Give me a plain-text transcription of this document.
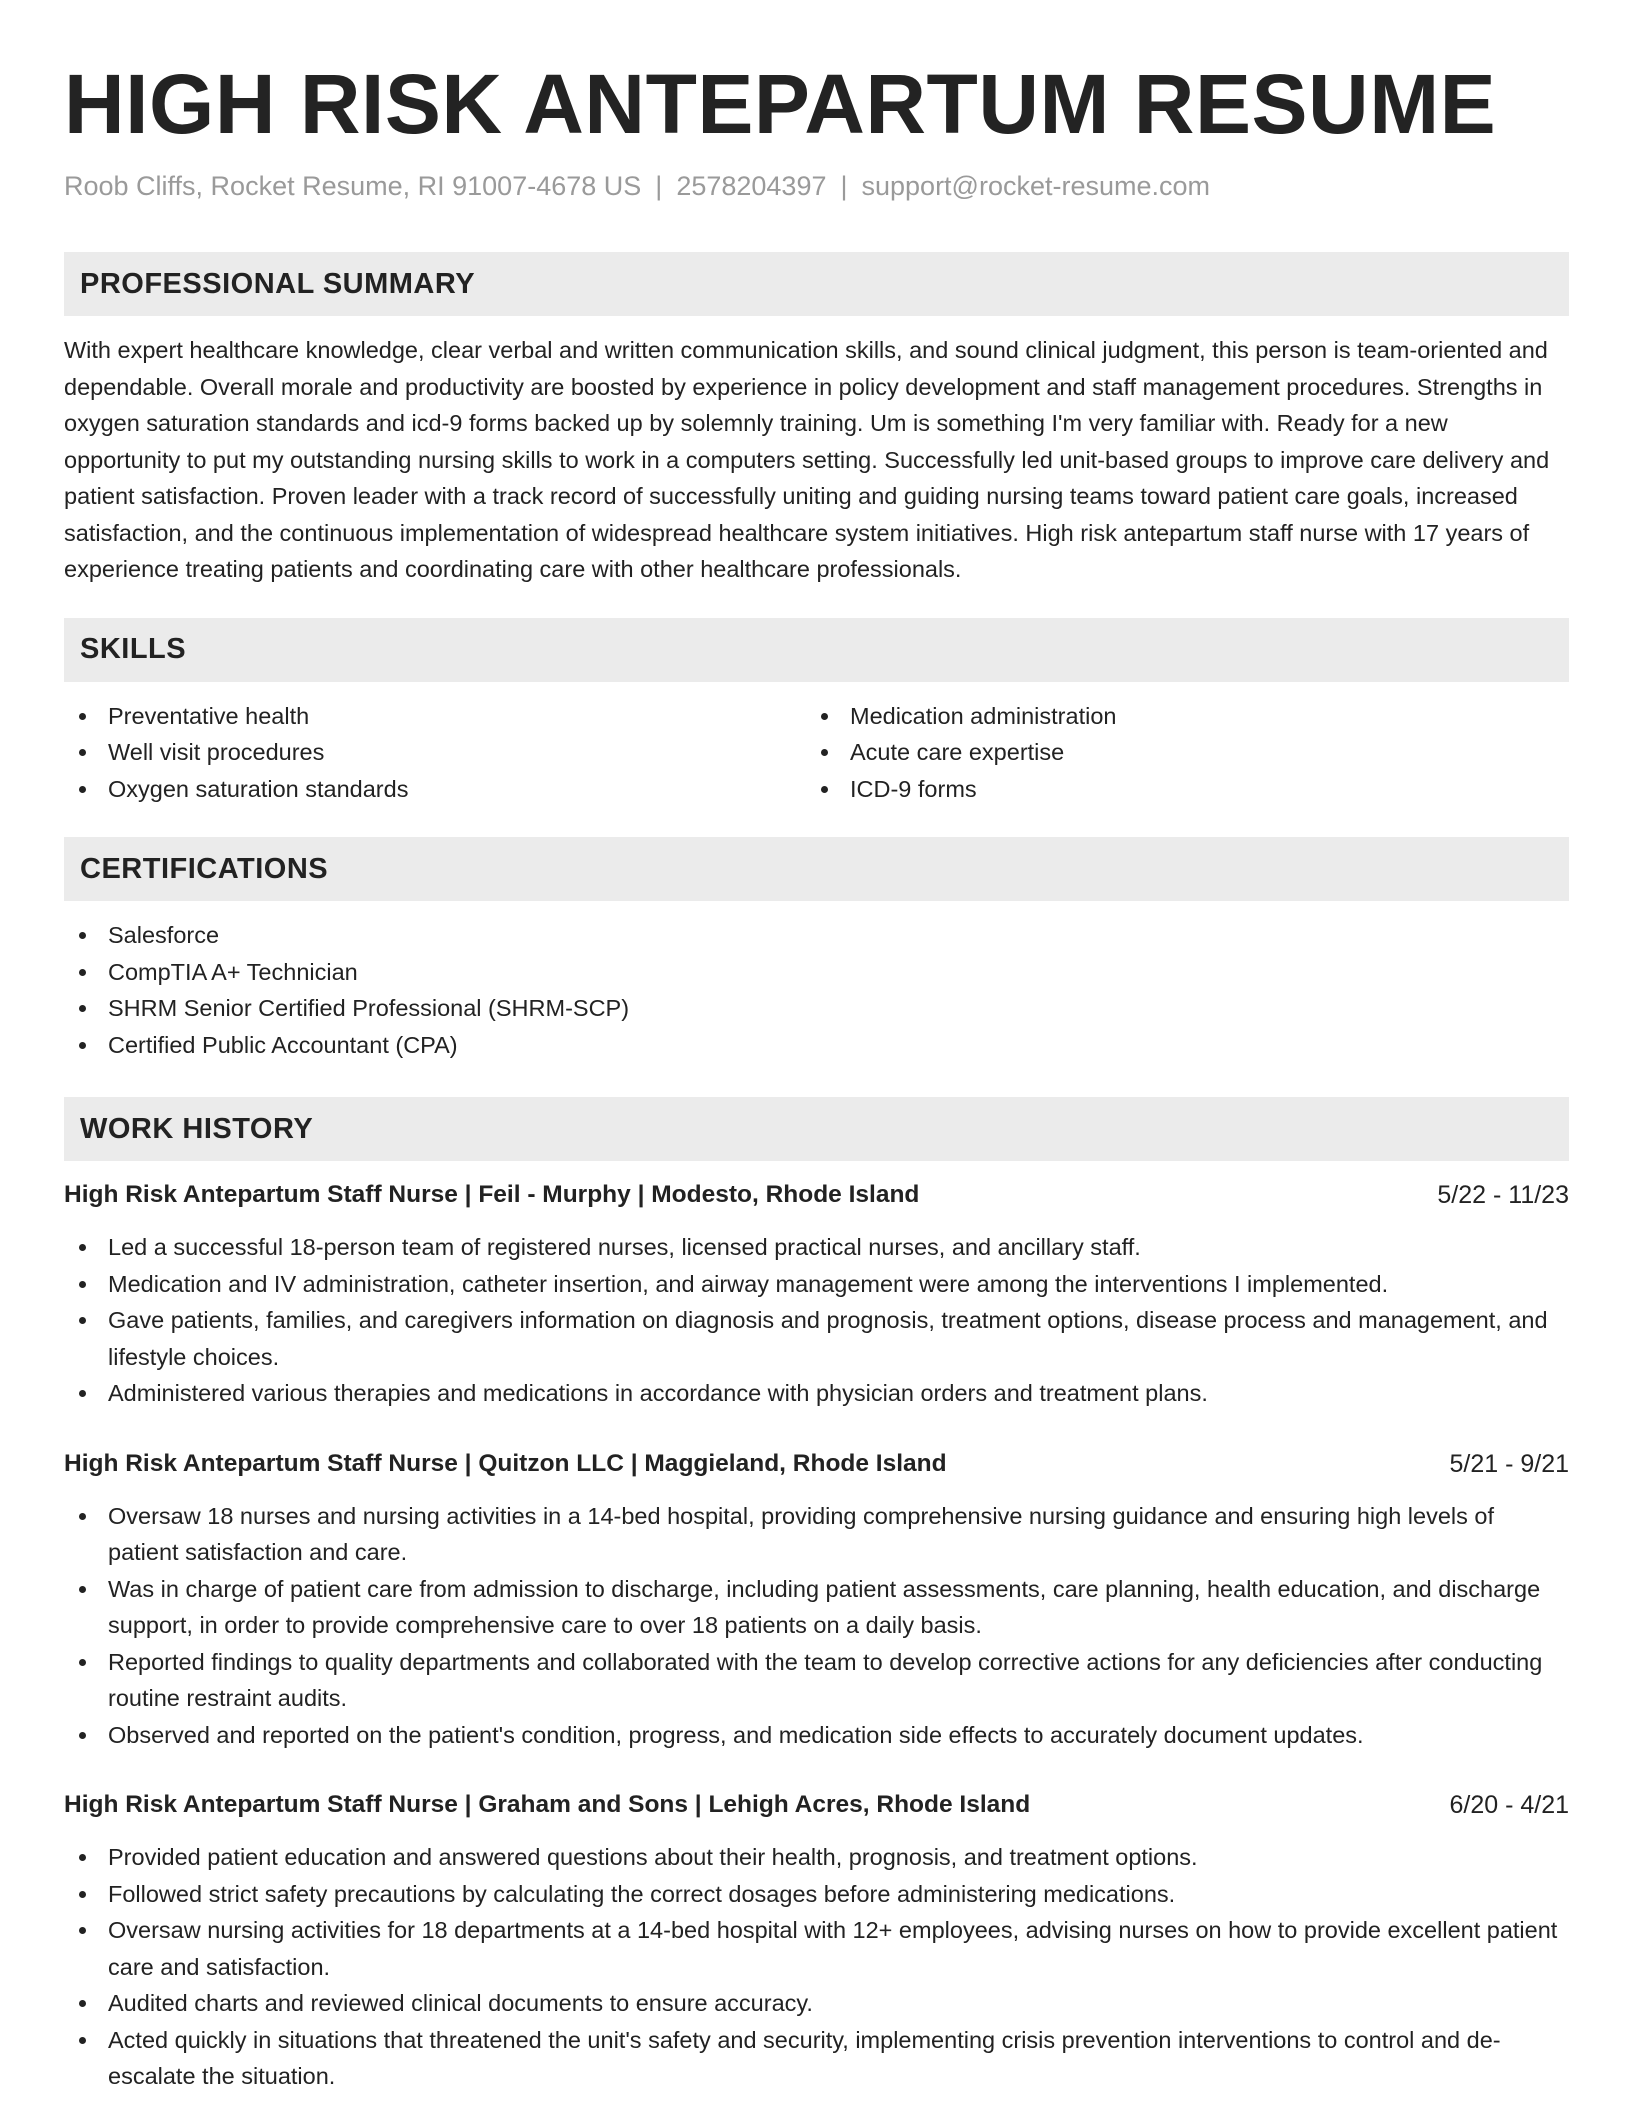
HIGH RISK ANTEPARTUM RESUME
Roob Cliffs, Rocket Resume, RI 91007-4678 US | 2578204397 | support@rocket-resume.com
PROFESSIONAL SUMMARY

With expert healthcare knowledge, clear verbal and written communication skills, and sound clinical judgment, this person is team-oriented and dependable. Overall morale and productivity are boosted by experience in policy development and staff management procedures. Strengths in oxygen saturation standards and icd-9 forms backed up by solemnly training. Um is something I'm very familiar with. Ready for a new opportunity to put my outstanding nursing skills to work in a computers setting. Successfully led unit-based groups to improve care delivery and patient satisfaction. Proven leader with a track record of successfully uniting and guiding nursing teams toward patient care goals, increased satisfaction, and the continuous implementation of widespread healthcare system initiatives. High risk antepartum staff nurse with 17 years of experience treating patients and coordinating care with other healthcare professionals.

SKILLS
Preventative health
Well visit procedures
Oxygen saturation standards
Medication administration
Acute care expertise
ICD-9 forms
CERTIFICATIONS
Salesforce
CompTIA A+ Technician
SHRM Senior Certified Professional (SHRM-SCP)
Certified Public Accountant (CPA)
WORK HISTORY
High Risk Antepartum Staff Nurse | Feil - Murphy | Modesto, Rhode Island	5/22 - 11/23
Led a successful 18-person team of registered nurses, licensed practical nurses, and ancillary staff.
Medication and IV administration, catheter insertion, and airway management were among the interventions I implemented.
Gave patients, families, and caregivers information on diagnosis and prognosis, treatment options, disease process and management, and lifestyle choices.
Administered various therapies and medications in accordance with physician orders and treatment plans.
High Risk Antepartum Staff Nurse | Quitzon LLC | Maggieland, Rhode Island	5/21 - 9/21
Oversaw 18 nurses and nursing activities in a 14-bed hospital, providing comprehensive nursing guidance and ensuring high levels of patient satisfaction and care.
Was in charge of patient care from admission to discharge, including patient assessments, care planning, health education, and discharge support, in order to provide comprehensive care to over 18 patients on a daily basis.
Reported findings to quality departments and collaborated with the team to develop corrective actions for any deficiencies after conducting routine restraint audits.
Observed and reported on the patient's condition, progress, and medication side effects to accurately document updates.
High Risk Antepartum Staff Nurse | Graham and Sons | Lehigh Acres, Rhode Island	6/20 - 4/21
Provided patient education and answered questions about their health, prognosis, and treatment options.
Followed strict safety precautions by calculating the correct dosages before administering medications.
Oversaw nursing activities for 18 departments at a 14-bed hospital with 12+ employees, advising nurses on how to provide excellent patient care and satisfaction.
Audited charts and reviewed clinical documents to ensure accuracy.
Acted quickly in situations that threatened the unit's safety and security, implementing crisis prevention interventions to control and de-escalate the situation.
